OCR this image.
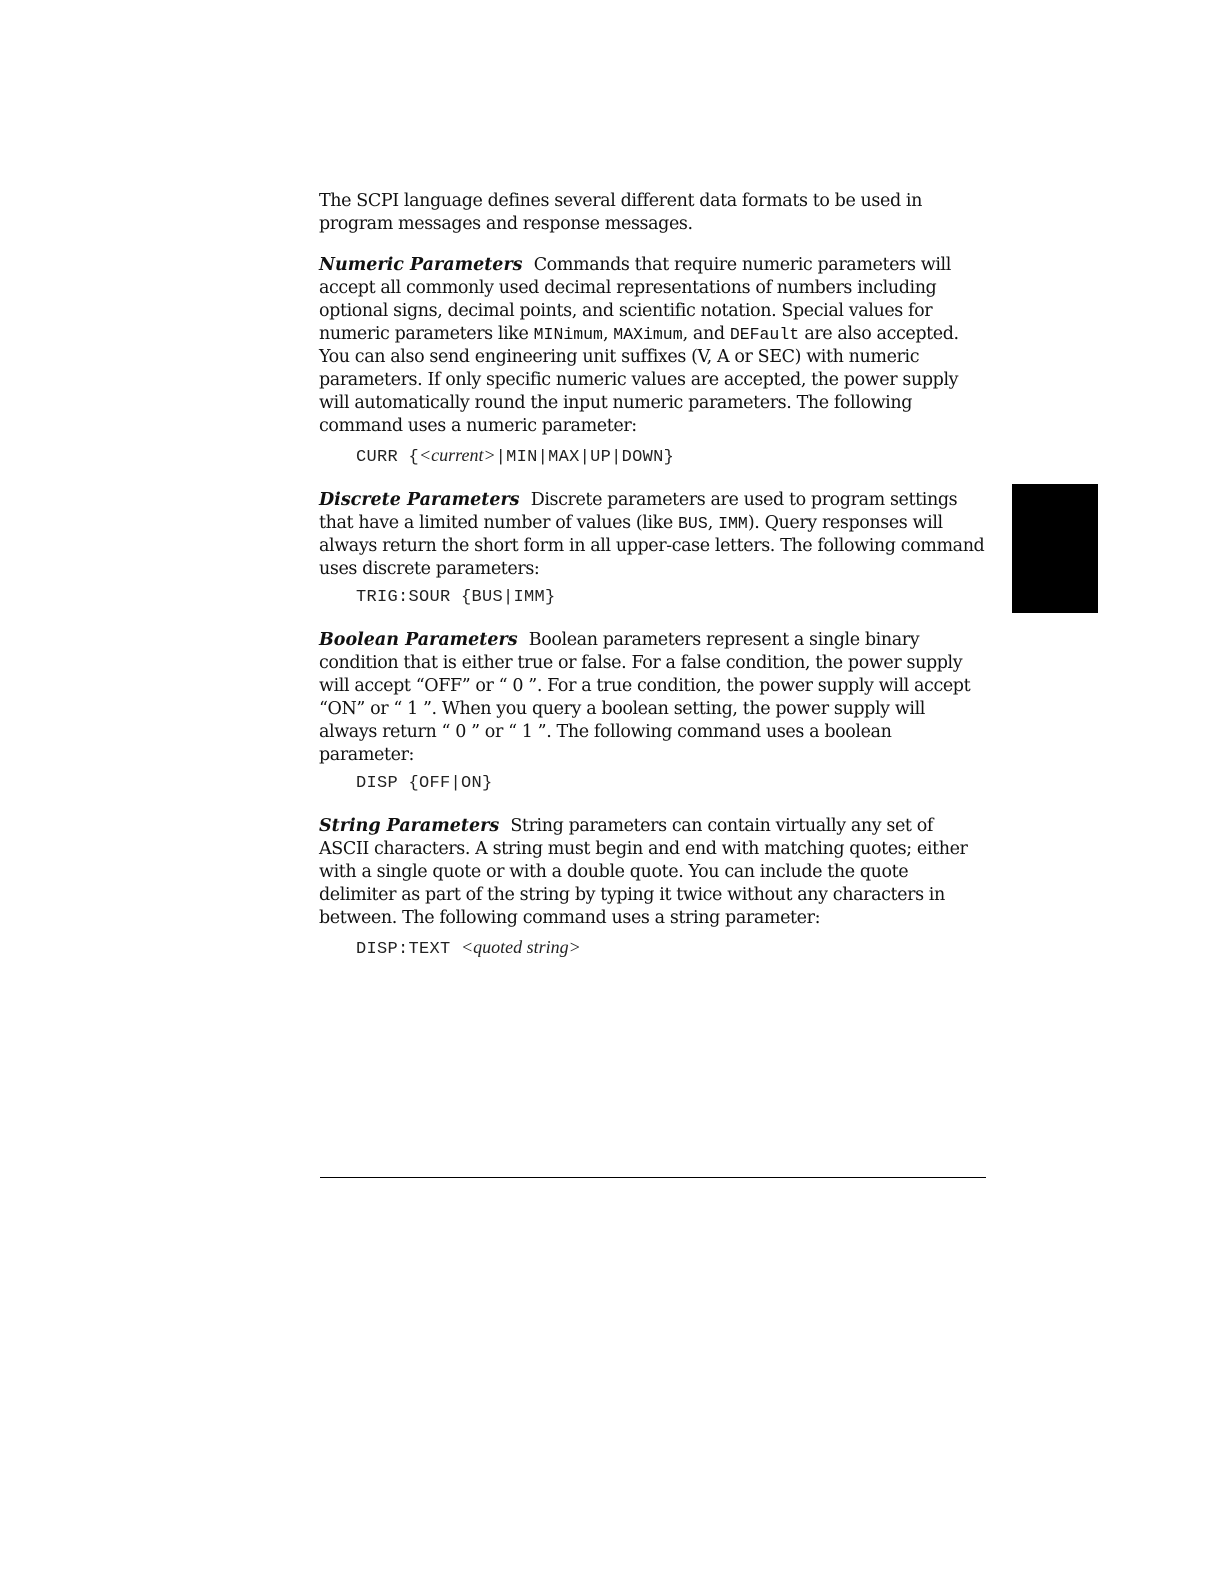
The SCPI language defines several different data formats to be used in program messages and response messages.

Numeric Parameters Commands that require numeric parameters will accept all commonly used decimal representations of numbers including optional signs, decimal points, and scientific notation. Special values for numeric parameters like MINimum, MAXimum, and DEFault are also accepted. You can also send engineering unit suffixes (V, A or SEC) with numeric parameters. If only specific numeric values are accepted, the power supply will automatically round the input numeric parameters. The following command uses a numeric parameter:

CURR {<current>|MIN|MAX|UP|DOWN}

Discrete Parameters Discrete parameters are used to program settings that have a limited number of values (like BUS, IMM). Query responses will always return the short form in all upper-case letters. The following command uses discrete parameters:

TRIG:SOUR {BUS|IMM}

Boolean Parameters Boolean parameters represent a single binary condition that is either true or false. For a false condition, the power supply will accept “OFF” or “ 0 ”. For a true condition, the power supply will accept “ON” or “ 1 ”. When you query a boolean setting, the power supply will always return “ 0 ” or “ 1 ”. The following command uses a boolean parameter:

DISP {OFF|ON}

String Parameters String parameters can contain virtually any set of ASCII characters. A string must begin and end with matching quotes; either with a single quote or with a double quote. You can include the quote delimiter as part of the string by typing it twice without any characters in between. The following command uses a string parameter:

DISP:TEXT <quoted string>
